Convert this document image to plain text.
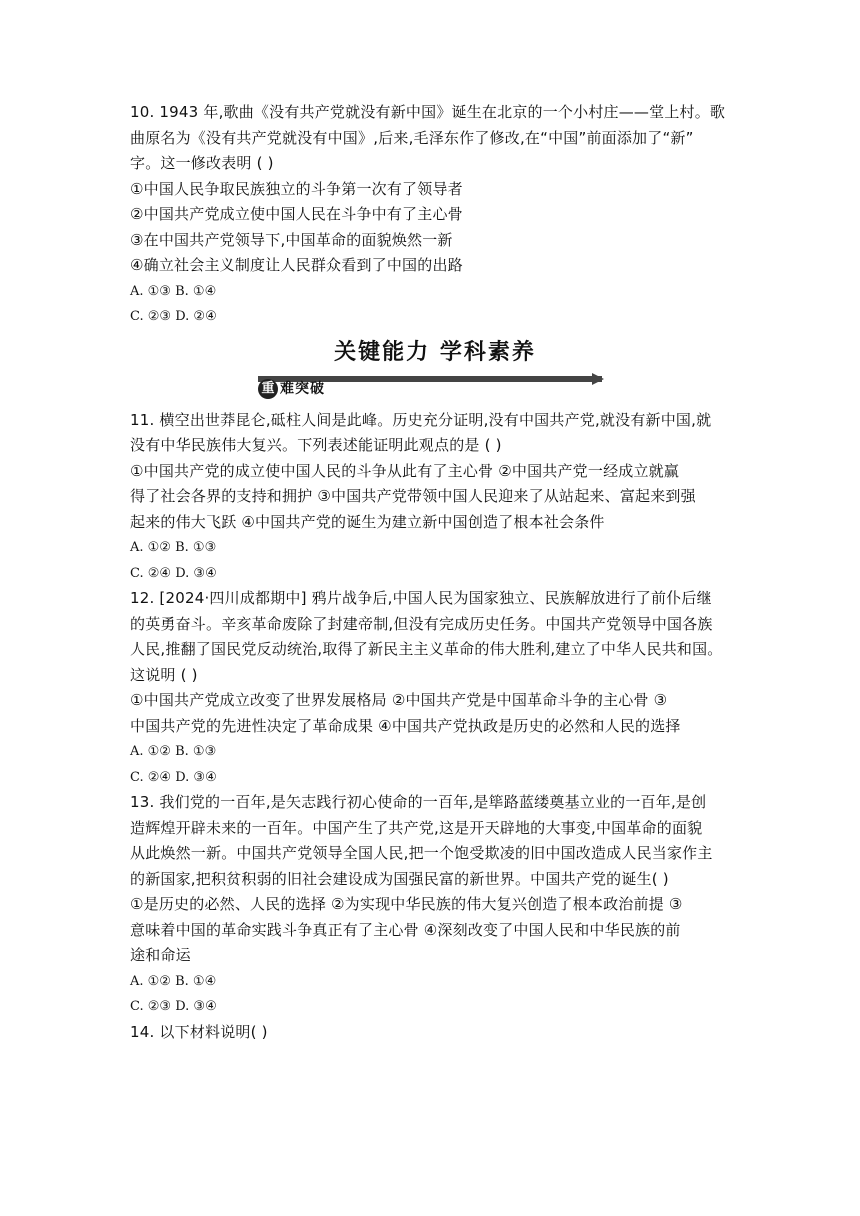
10. 1943 年,歌曲《没有共产党就没有新中国》诞生在北京的一个小村庄——堂上村。歌
曲原名为《没有共产党就没有中国》,后来,毛泽东作了修改,在“中国”前面添加了“新”
字。这一修改表明 ( )
①中国人民争取民族独立的斗争第一次有了领导者
②中国共产党成立使中国人民在斗争中有了主心骨
③在中国共产党领导下,中国革命的面貌焕然一新
④确立社会主义制度让人民群众看到了中国的出路
A. ①③ B. ①④
C. ②③ D. ②④
关键能力 学科素养
重 难突破
11. 横空出世莽昆仑,砥柱人间是此峰。历史充分证明,没有中国共产党,就没有新中国,就
没有中华民族伟大复兴。下列表述能证明此观点的是 ( )
①中国共产党的成立使中国人民的斗争从此有了主心骨 ②中国共产党一经成立就赢
得了社会各界的支持和拥护 ③中国共产党带领中国人民迎来了从站起来、富起来到强
起来的伟大飞跃 ④中国共产党的诞生为建立新中国创造了根本社会条件
A. ①② B. ①③
C. ②④ D. ③④
12. [2024·四川成都期中] 鸦片战争后,中国人民为国家独立、民族解放进行了前仆后继
的英勇奋斗。辛亥革命废除了封建帝制,但没有完成历史任务。中国共产党领导中国各族
人民,推翻了国民党反动统治,取得了新民主主义革命的伟大胜利,建立了中华人民共和国。
这说明 ( )
①中国共产党成立改变了世界发展格局 ②中国共产党是中国革命斗争的主心骨 ③
中国共产党的先进性决定了革命成果 ④中国共产党执政是历史的必然和人民的选择
A. ①② B. ①③
C. ②④ D. ③④
13. 我们党的一百年,是矢志践行初心使命的一百年,是筚路蓝缕奠基立业的一百年,是创
造辉煌开辟未来的一百年。中国产生了共产党,这是开天辟地的大事变,中国革命的面貌
从此焕然一新。中国共产党领导全国人民,把一个饱受欺凌的旧中国改造成人民当家作主
的新国家,把积贫积弱的旧社会建设成为国强民富的新世界。中国共产党的诞生( )
①是历史的必然、人民的选择 ②为实现中华民族的伟大复兴创造了根本政治前提 ③
意味着中国的革命实践斗争真正有了主心骨 ④深刻改变了中国人民和中华民族的前
途和命运
A. ①② B. ①④
C. ②③ D. ③④
14. 以下材料说明( )
